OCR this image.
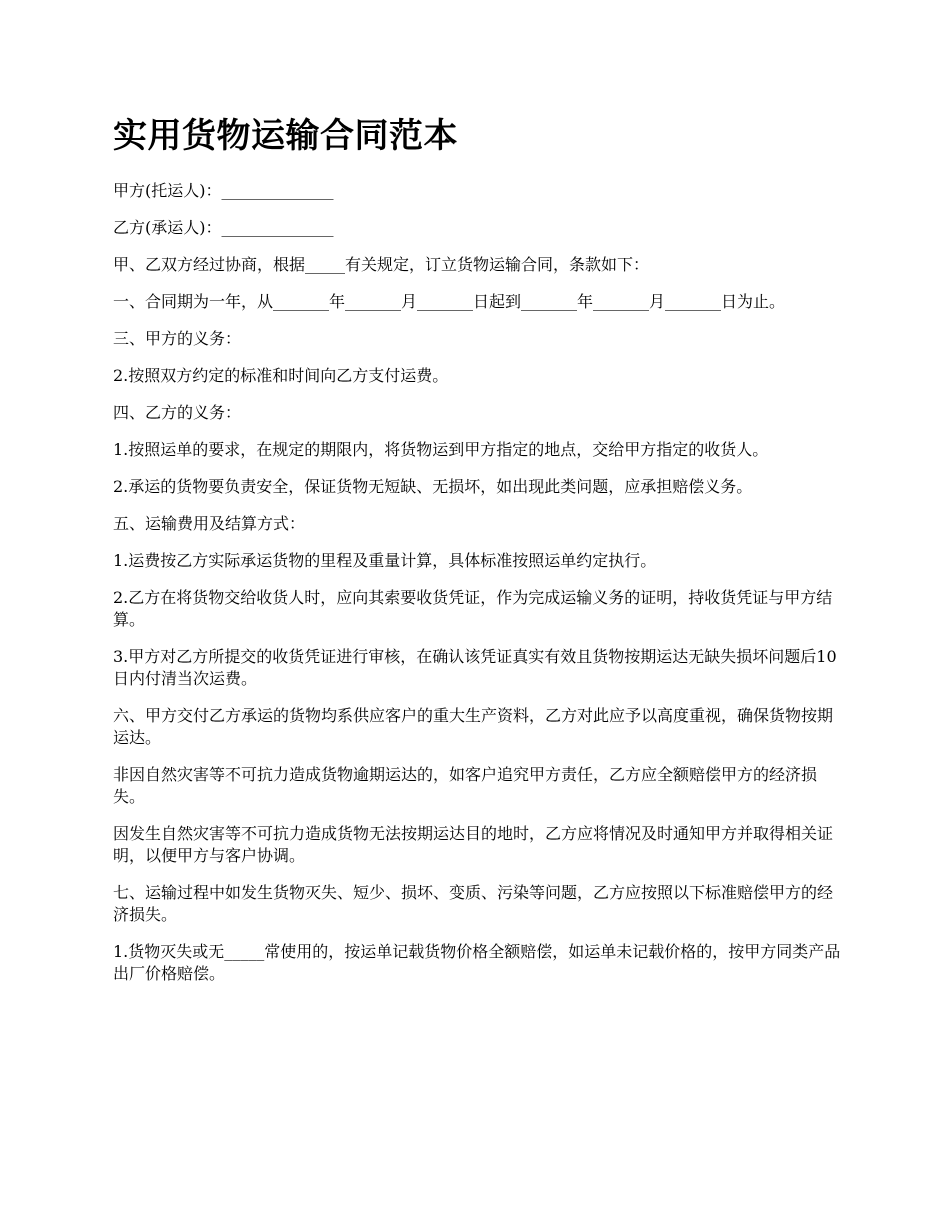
实用货物运输合同范本

甲方(托运人)：______________

乙方(承运人)：______________

甲、乙双方经过协商，根据_____有关规定，订立货物运输合同，条款如下：

一、合同期为一年，从_______年_______月_______日起到_______年_______月_______日为止。

三、甲方的义务：

2.按照双方约定的标准和时间向乙方支付运费。

四、乙方的义务：

1.按照运单的要求，在规定的期限内，将货物运到甲方指定的地点，交给甲方指定的收货人。

2.承运的货物要负责安全，保证货物无短缺、无损坏，如出现此类问题，应承担赔偿义务。

五、运输费用及结算方式：

1.运费按乙方实际承运货物的里程及重量计算，具体标准按照运单约定执行。

2.乙方在将货物交给收货人时，应向其索要收货凭证，作为完成运输义务的证明，持收货凭证与甲方结算。

3.甲方对乙方所提交的收货凭证进行审核，在确认该凭证真实有效且货物按期运达无缺失损坏问题后10日内付清当次运费。

六、甲方交付乙方承运的货物均系供应客户的重大生产资料，乙方对此应予以高度重视，确保货物按期运达。

非因自然灾害等不可抗力造成货物逾期运达的，如客户追究甲方责任，乙方应全额赔偿甲方的经济损失。

因发生自然灾害等不可抗力造成货物无法按期运达目的地时，乙方应将情况及时通知甲方并取得相关证明，以便甲方与客户协调。

七、运输过程中如发生货物灭失、短少、损坏、变质、污染等问题，乙方应按照以下标准赔偿甲方的经济损失。

1.货物灭失或无_____常使用的，按运单记载货物价格全额赔偿，如运单未记载价格的，按甲方同类产品出厂价格赔偿。
